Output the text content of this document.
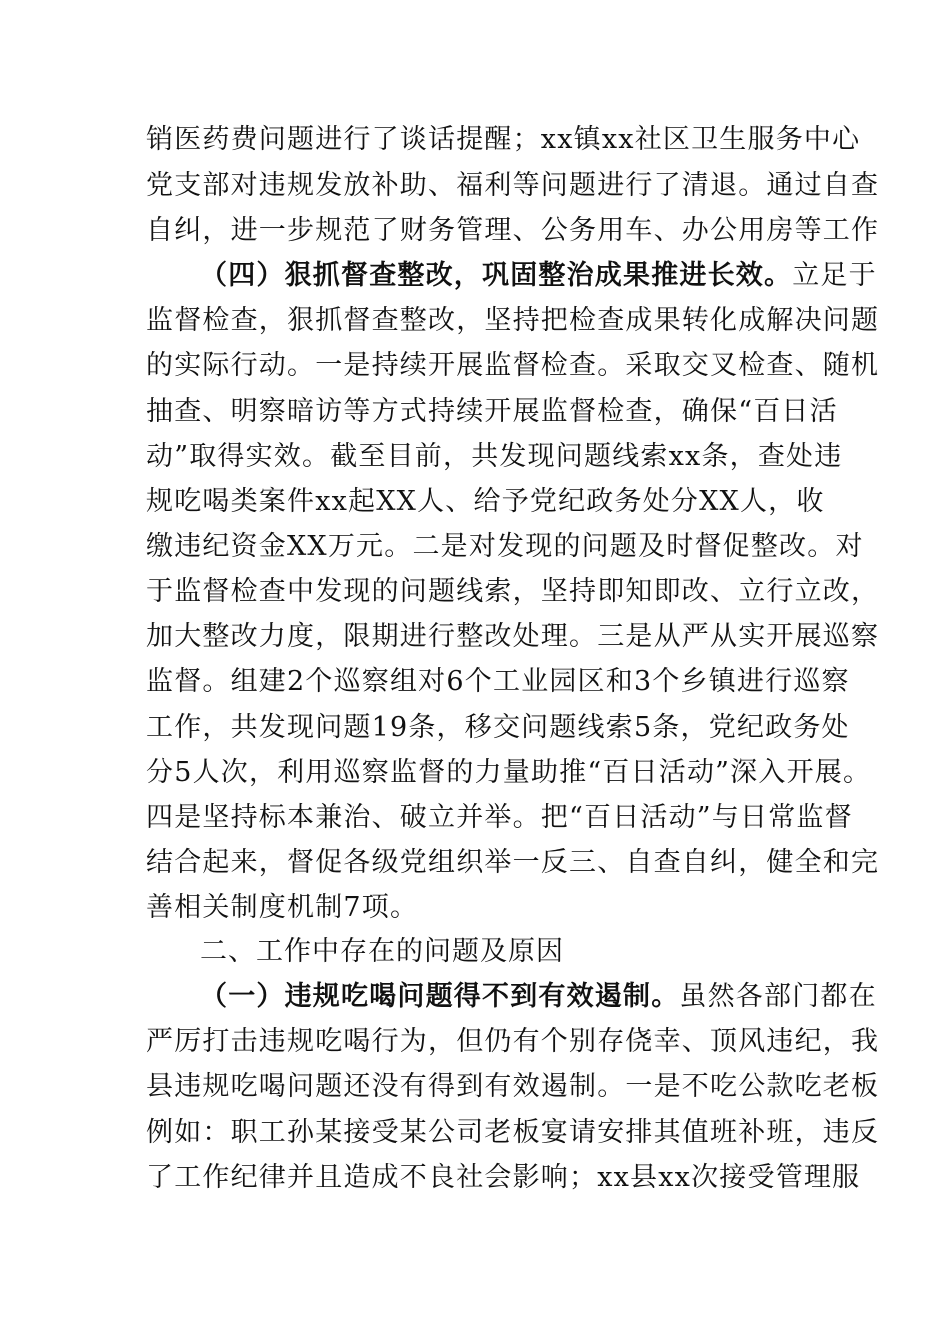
销医药费问题进行了谈话提醒；xx镇xx社区卫生服务中心
党支部对违规发放补助、福利等问题进行了清退。通过自查
自纠，进一步规范了财务管理、公务用车、办公用房等工作
（四）狠抓督查整改，巩固整治成果推进长效。立足于
监督检查，狠抓督查整改，坚持把检查成果转化成解决问题
的实际行动。一是持续开展监督检查。采取交叉检查、随机
抽查、明察暗访等方式持续开展监督检查，确保“百日活
动”取得实效。截至目前，共发现问题线索xx条，查处违
规吃喝类案件xx起XX人、给予党纪政务处分XX人，收
缴违纪资金XX万元。二是对发现的问题及时督促整改。对
于监督检查中发现的问题线索，坚持即知即改、立行立改，
加大整改力度，限期进行整改处理。三是从严从实开展巡察
监督。组建2个巡察组对6个工业园区和3个乡镇进行巡察
工作，共发现问题19条，移交问题线索5条，党纪政务处
分5人次，利用巡察监督的力量助推“百日活动”深入开展。
四是坚持标本兼治、破立并举。把“百日活动”与日常监督
结合起来，督促各级党组织举一反三、自查自纠，健全和完
善相关制度机制7项。
二、工作中存在的问题及原因
（一）违规吃喝问题得不到有效遏制。虽然各部门都在
严厉打击违规吃喝行为，但仍有个别存侥幸、顶风违纪，我
县违规吃喝问题还没有得到有效遏制。一是不吃公款吃老板
例如：职工孙某接受某公司老板宴请安排其值班补班，违反
了工作纪律并且造成不良社会影响；xx县xx次接受管理服
